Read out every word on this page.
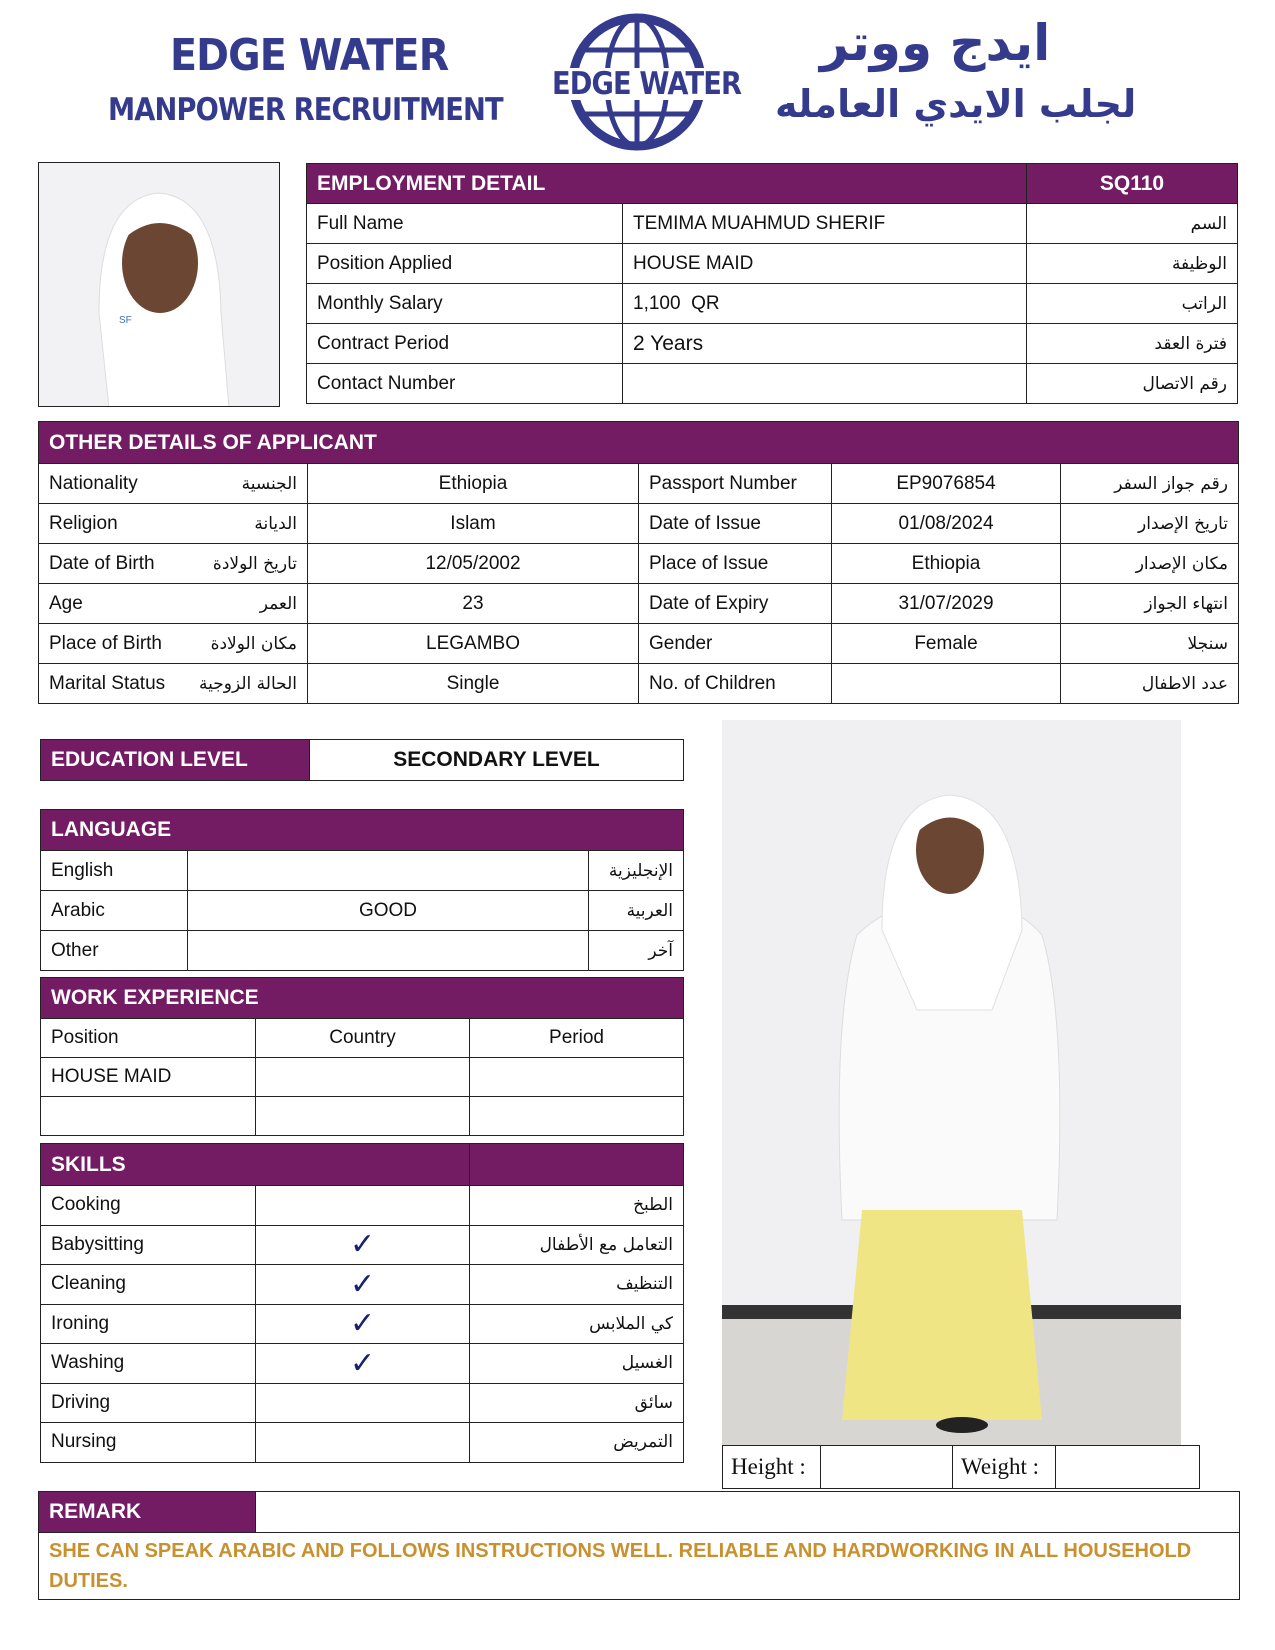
EDGE WATER
MANPOWER RECRUITMENT
EDGE WATER
ايدج ووتر
لجلب الايدي العامله
SF
EMPLOYMENT DETAIL		SQ110
Full Name	TEMIMA MUAHMUD SHERIF	السم
Position Applied	HOUSE MAID	الوظيفة
Monthly Salary	1,100  QR	الراتب
Contract Period	2 Years	فترة العقد
Contact Number		رقم الاتصال
OTHER DETAILS OF APPLICANT				

Nationality الجنسية	Ethiopia	Passport Number	EP9076854	رقم جواز السفر

Religion الديانة	Islam	Date of Issue	01/08/2024	تاريخ الإصدار

Date of Birth تاريخ الولادة	12/05/2002	Place of Issue	Ethiopia	مكان الإصدار

Age العمر	23	Date of Expiry	31/07/2029	انتهاء الجواز

Place of Birth مكان الولادة	LEGAMBO	Gender	Female	سنجلا

Marital Status الحالة الزوجية	Single	No. of Children		عدد الاطفال
EDUCATION LEVEL	SECONDARY LEVEL
LANGUAGE		
English		الإنجليزية
Arabic	GOOD	العربية
Other		آخر
WORK EXPERIENCE		
Position	Country	Period
HOUSE MAID		

SKILLS		
Cooking		الطبخ
Babysitting	✓	التعامل مع الأطفال
Cleaning	✓	التنظيف
Ironing	✓	كي الملابس
Washing	✓	الغسيل
Driving		سائق
Nursing		التمريض
Height :		Weight :	
REMARK	
SHE CAN SPEAK ARABIC AND FOLLOWS INSTRUCTIONS WELL. RELIABLE AND HARDWORKING IN ALL HOUSEHOLD DUTIES.
